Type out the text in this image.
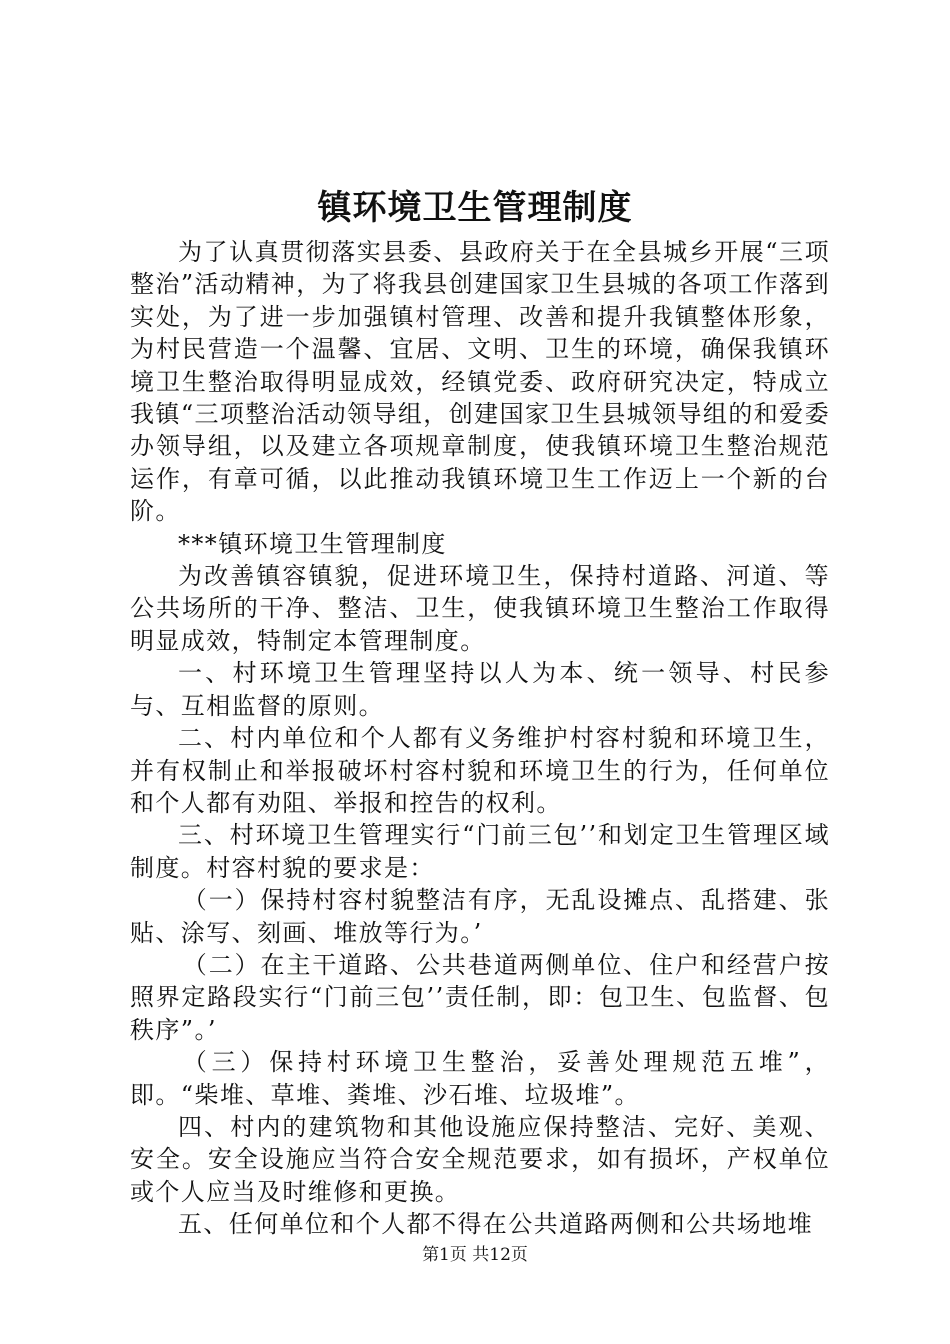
镇环境卫生管理制度

为了认真贯彻落实县委、县政府关于在全县城乡开展“三项整治”活动精神，为了将我县创建国家卫生县城的各项工作落到实处，为了进一步加强镇村管理、改善和提升我镇整体形象，为村民营造一个温馨、宜居、文明、卫生的环境，确保我镇环境卫生整治取得明显成效，经镇党委、政府研究决定，特成立我镇“三项整治活动领导组，创建国家卫生县城领导组的和爱委办领导组，以及建立各项规章制度，使我镇环境卫生整治规范运作，有章可循，以此推动我镇环境卫生工作迈上一个新的台阶。

***镇环境卫生管理制度

为改善镇容镇貌，促进环境卫生，保持村道路、河道、等公共场所的干净、整洁、卫生，使我镇环境卫生整治工作取得明显成效，特制定本管理制度。

一、村环境卫生管理坚持以人为本、统一领导、村民参与、互相监督的原则。

二、村内单位和个人都有义务维护村容村貌和环境卫生，并有权制止和举报破坏村容村貌和环境卫生的行为，任何单位和个人都有劝阻、举报和控告的权利。

三、村环境卫生管理实行“门前三包’’和划定卫生管理区域制度。村容村貌的要求是：

（一）保持村容村貌整洁有序，无乱设摊点、乱搭建、张贴、涂写、刻画、堆放等行为。’

（二）在主干道路、公共巷道两侧单位、住户和经营户按照界定路段实行“门前三包’’责任制，即：包卫生、包监督、包秩序”。’

（三）保持村环境卫生整治，妥善处理规范五堆”，即。“柴堆、草堆、粪堆、沙石堆、垃圾堆”。

四、村内的建筑物和其他设施应保持整洁、完好、美观、安全。安全设施应当符合安全规范要求，如有损坏，产权单位或个人应当及时维修和更换。

五、任何单位和个人都不得在公共道路两侧和公共场地堆

第1页 共12页
